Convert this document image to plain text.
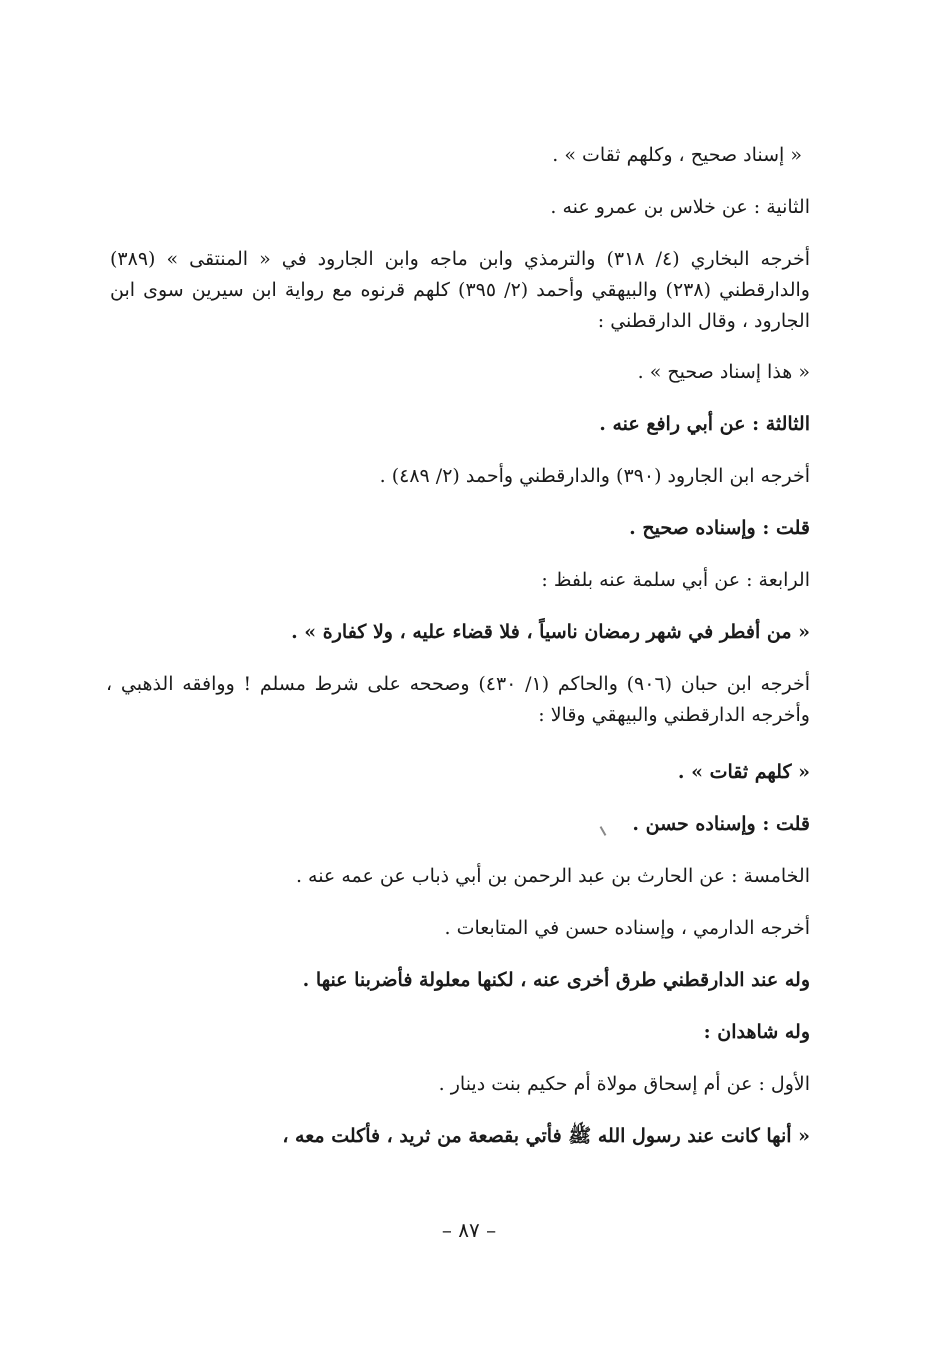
« إسناد صحيح ، وكلهم ثقات » .

الثانية : عن خلاس بن عمرو عنه .

أخرجه البخاري (٤/ ٣١٨) والترمذي وابن ماجه وابن الجارود في « المنتقى » (٣٨٩) والدارقطني (٢٣٨) والبيهقي وأحمد (٢/ ٣٩٥) كلهم قرنوه مع رواية ابن سيرين سوى ابن الجارود ، وقال الدارقطني :

« هذا إسناد صحيح » .

الثالثة : عن أبي رافع عنه .

أخرجه ابن الجارود (٣٩٠) والدارقطني وأحمد (٢/ ٤٨٩) .

قلت : وإسناده صحيح .

الرابعة : عن أبي سلمة عنه بلفظ :

« من أفطر في شهر رمضان ناسياً ، فلا قضاء عليه ، ولا كفارة » .

أخرجه ابن حبان (٩٠٦) والحاكم (١/ ٤٣٠) وصححه على شرط مسلم ! ووافقه الذهبي ، وأخرجه الدارقطني والبيهقي وقالا :

« كلهم ثقات » .

قلت : وإسناده حسن .

الخامسة : عن الحارث بن عبد الرحمن بن أبي ذباب عن عمه عنه .

أخرجه الدارمي ، وإسناده حسن في المتابعات .

وله عند الدارقطني طرق أخرى عنه ، لكنها معلولة فأضربنا عنها .

وله شاهدان :

الأول : عن أم إسحاق مولاة أم حكيم بنت دينار .

« أنها كانت عند رسول الله ﷺ فأتي بقصعة من ثريد ، فأكلت معه ،

– ٨٧ –
